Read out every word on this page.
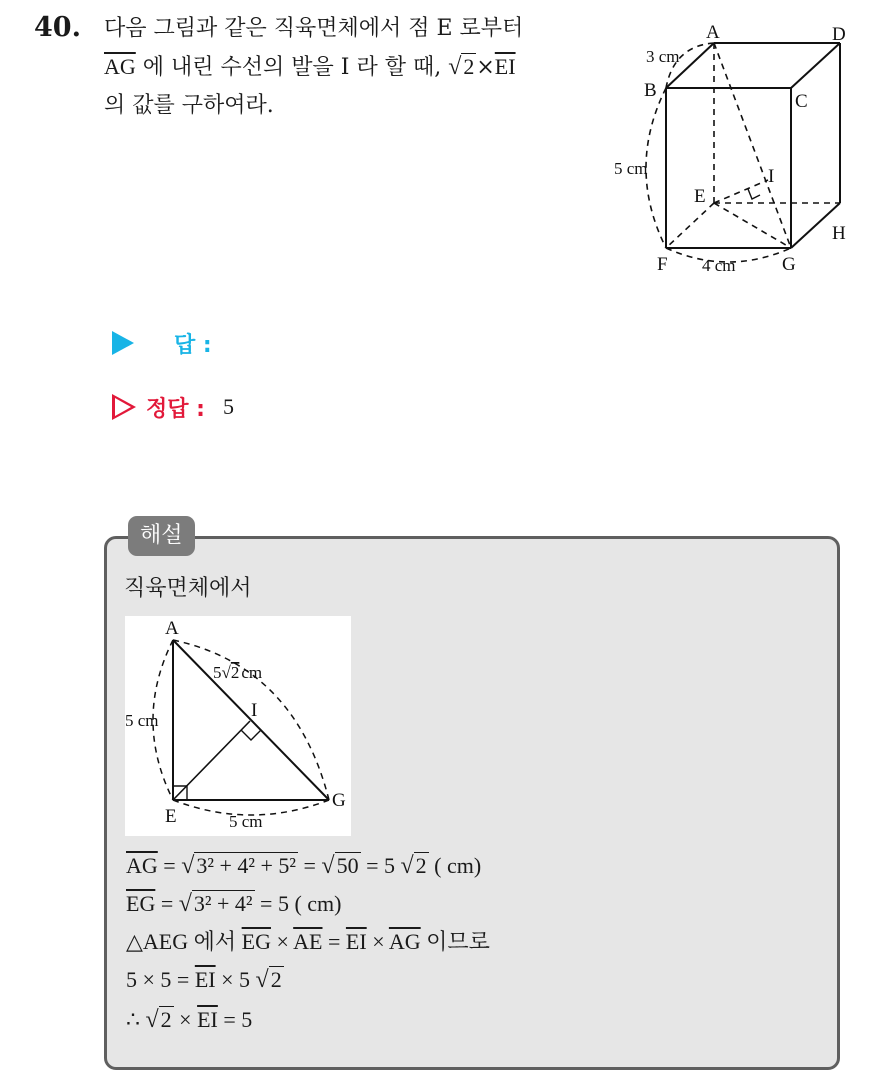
40. 다음 그림과 같은 직육면체에서 점 E 로부터
$\overline{AG}$ 에 내린 수선의 발을 I 라 할 때, $√2\times\overline{EI}$
의 값를 구하여라.
A	D
B
C
E
H
F	G
I
3 cm
5 cm
4 cm
답 :
정답 : 5
해설
직육면체에서
A
E
G
I
5 cm
5 cm
5√2 cm
$\overline{AG} = √3^2 + 4^2 + 5^2 = √50 = 5$ √2 ( cm)
$\overline{EG} = √3^2 + 4^2 = 5$ ( cm)
△AEG 에서 $\overline{EG} \times \overline{AE} = \overline{EI} \times \overline{AG}$ 이므로
$5 \times 5 = \overline{EI} \times 5$ √2
∴ $√2 \times \overline{EI} = 5$
